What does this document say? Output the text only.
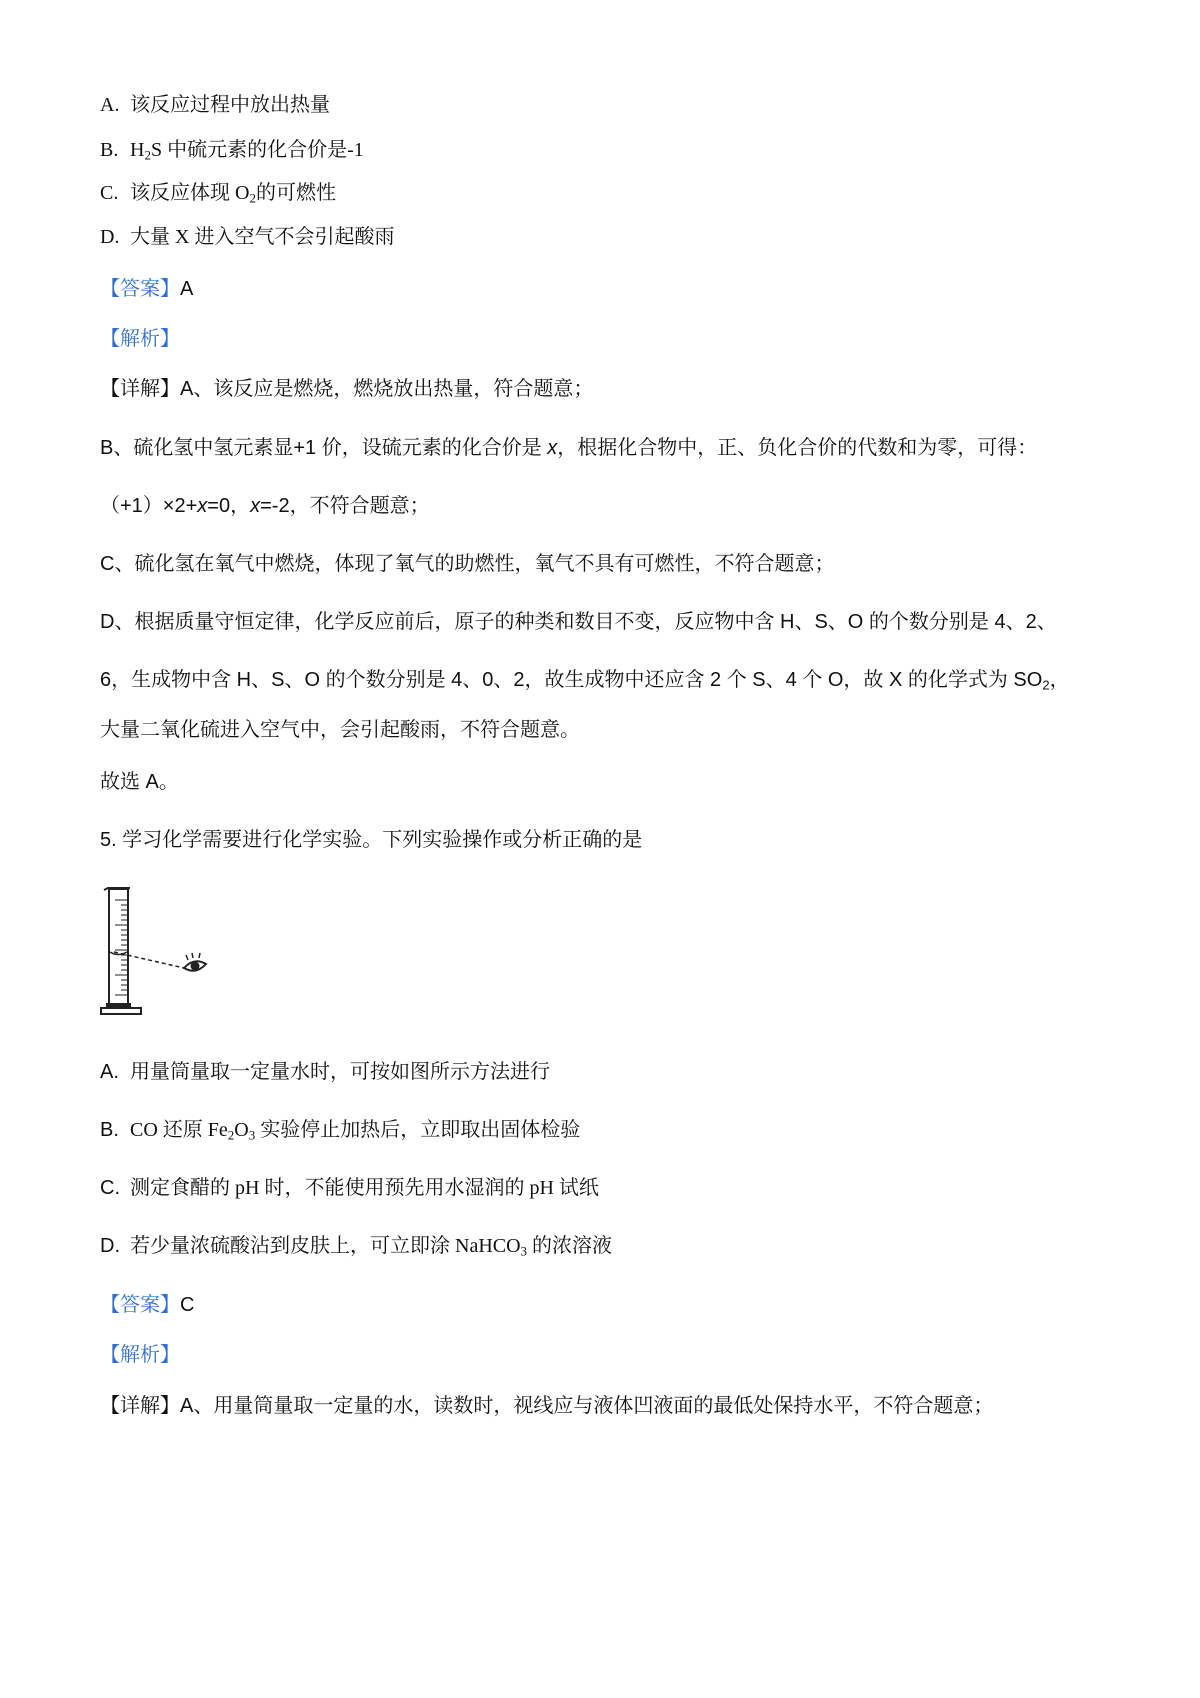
A. 该反应过程中放出热量
B. $H_2S$ 中硫元素的化合价是-1
C. 该反应体现 $O_2$的可燃性
D. 大量 X 进入空气不会引起酸雨
【答案】A
【解析】
【详解】A、该反应是燃烧，燃烧放出热量，符合题意；
B、硫化氢中氢元素显+1 价，设硫元素的化合价是 x，根据化合物中，正、负化合价的代数和为零，可得：
（+1）×2+x=0，x=-2，不符合题意；
C、硫化氢在氧气中燃烧，体现了氧气的助燃性，氧气不具有可燃性，不符合题意；
D、根据质量守恒定律，化学反应前后，原子的种类和数目不变，反应物中含 H、S、O 的个数分别是 4、2、
6，生成物中含 H、S、O 的个数分别是 4、0、2，故生成物中还应含 2 个 S、4 个 O，故 X 的化学式为 $SO_2$，
大量二氧化硫进入空气中，会引起酸雨，不符合题意。
故选 A。
5. 学习化学需要进行化学实验。下列实验操作或分析正确的是
A. 用量筒量取一定量水时，可按如图所示方法进行
B. CO 还原 $Fe_2O_3$ 实验停止加热后，立即取出固体检验
C. 测定食醋的 pH 时，不能使用预先用水湿润的 pH 试纸
D. 若少量浓硫酸沾到皮肤上，可立即涂 NaHCO$_3$ 的浓溶液
【答案】C
【解析】
【详解】A、用量筒量取一定量的水，读数时，视线应与液体凹液面的最低处保持水平，不符合题意；
